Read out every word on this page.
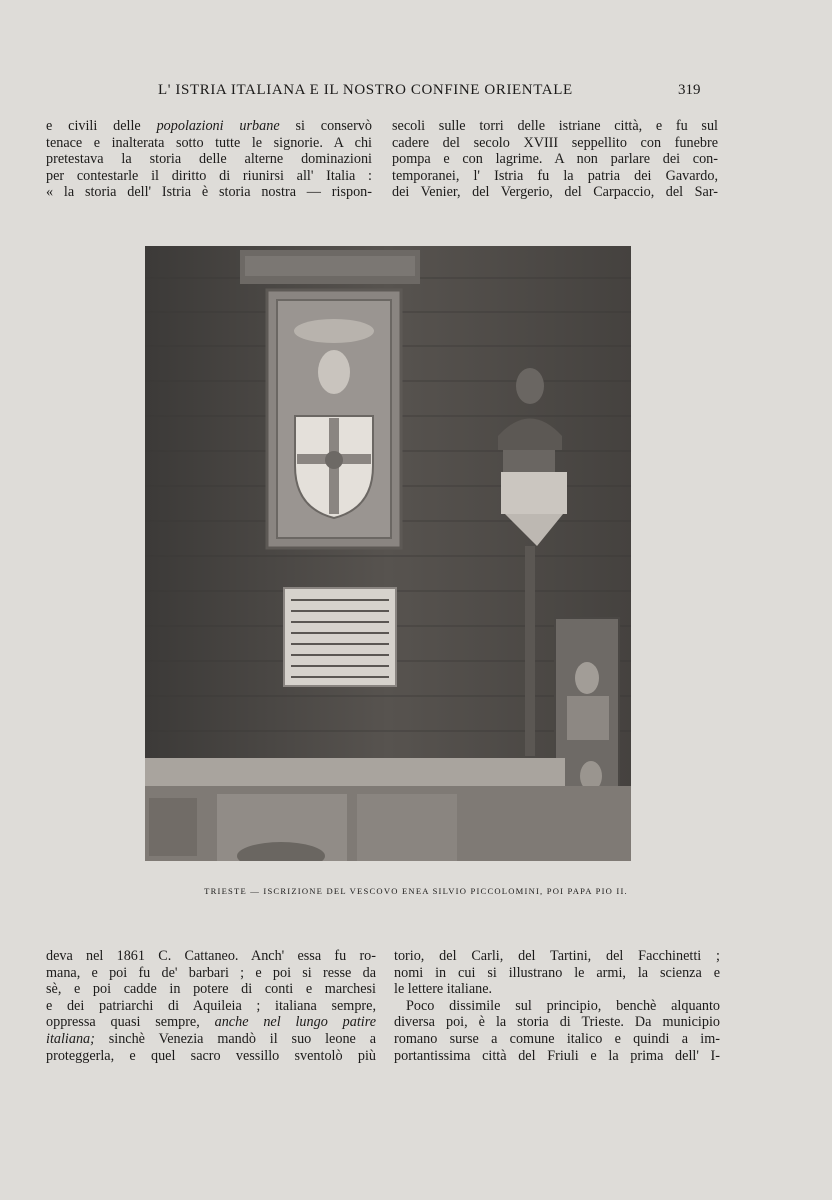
L' ISTRIA ITALIANA E IL NOSTRO CONFINE ORIENTALE	319
e civili delle popolazioni urbane si conservò
tenace e inalterata sotto tutte le signorie. A chi
pretestava la storia delle alterne dominazioni
per contestarle il diritto di riunirsi all' Italia :
« la storia dell' Istria è storia nostra — rispon-
secoli sulle torri delle istriane città, e fu sul
cadere del secolo XVIII seppellito con funebre
pompa e con lagrime. A non parlare dei con-
temporanei, l' Istria fu la patria dei Gavardo,
dei Venier, del Vergerio, del Carpaccio, del Sar-
TRIESTE — ISCRIZIONE DEL VESCOVO ENEA SILVIO PICCOLOMINI, POI PAPA PIO II.
deva nel 1861 C. Cattaneo. Anch' essa fu ro-
mana, e poi fu de' barbari ; e poi si resse da
sè, e poi cadde in potere di conti e marchesi
e dei patriarchi di Aquileia ; italiana sempre,
oppressa quasi sempre, anche nel lungo patire
italiana; sinchè Venezia mandò il suo leone a
proteggerla, e quel sacro vessillo sventolò più
torio, del Carli, del Tartini, del Facchinetti ;
nomi in cui si illustrano le armi, la scienza e
le lettere italiane.
Poco dissimile sul principio, benchè alquanto
diversa poi, è la storia di Trieste. Da municipio
romano surse a comune italico e quindi a im-
portantissima città del Friuli e la prima dell' I-
